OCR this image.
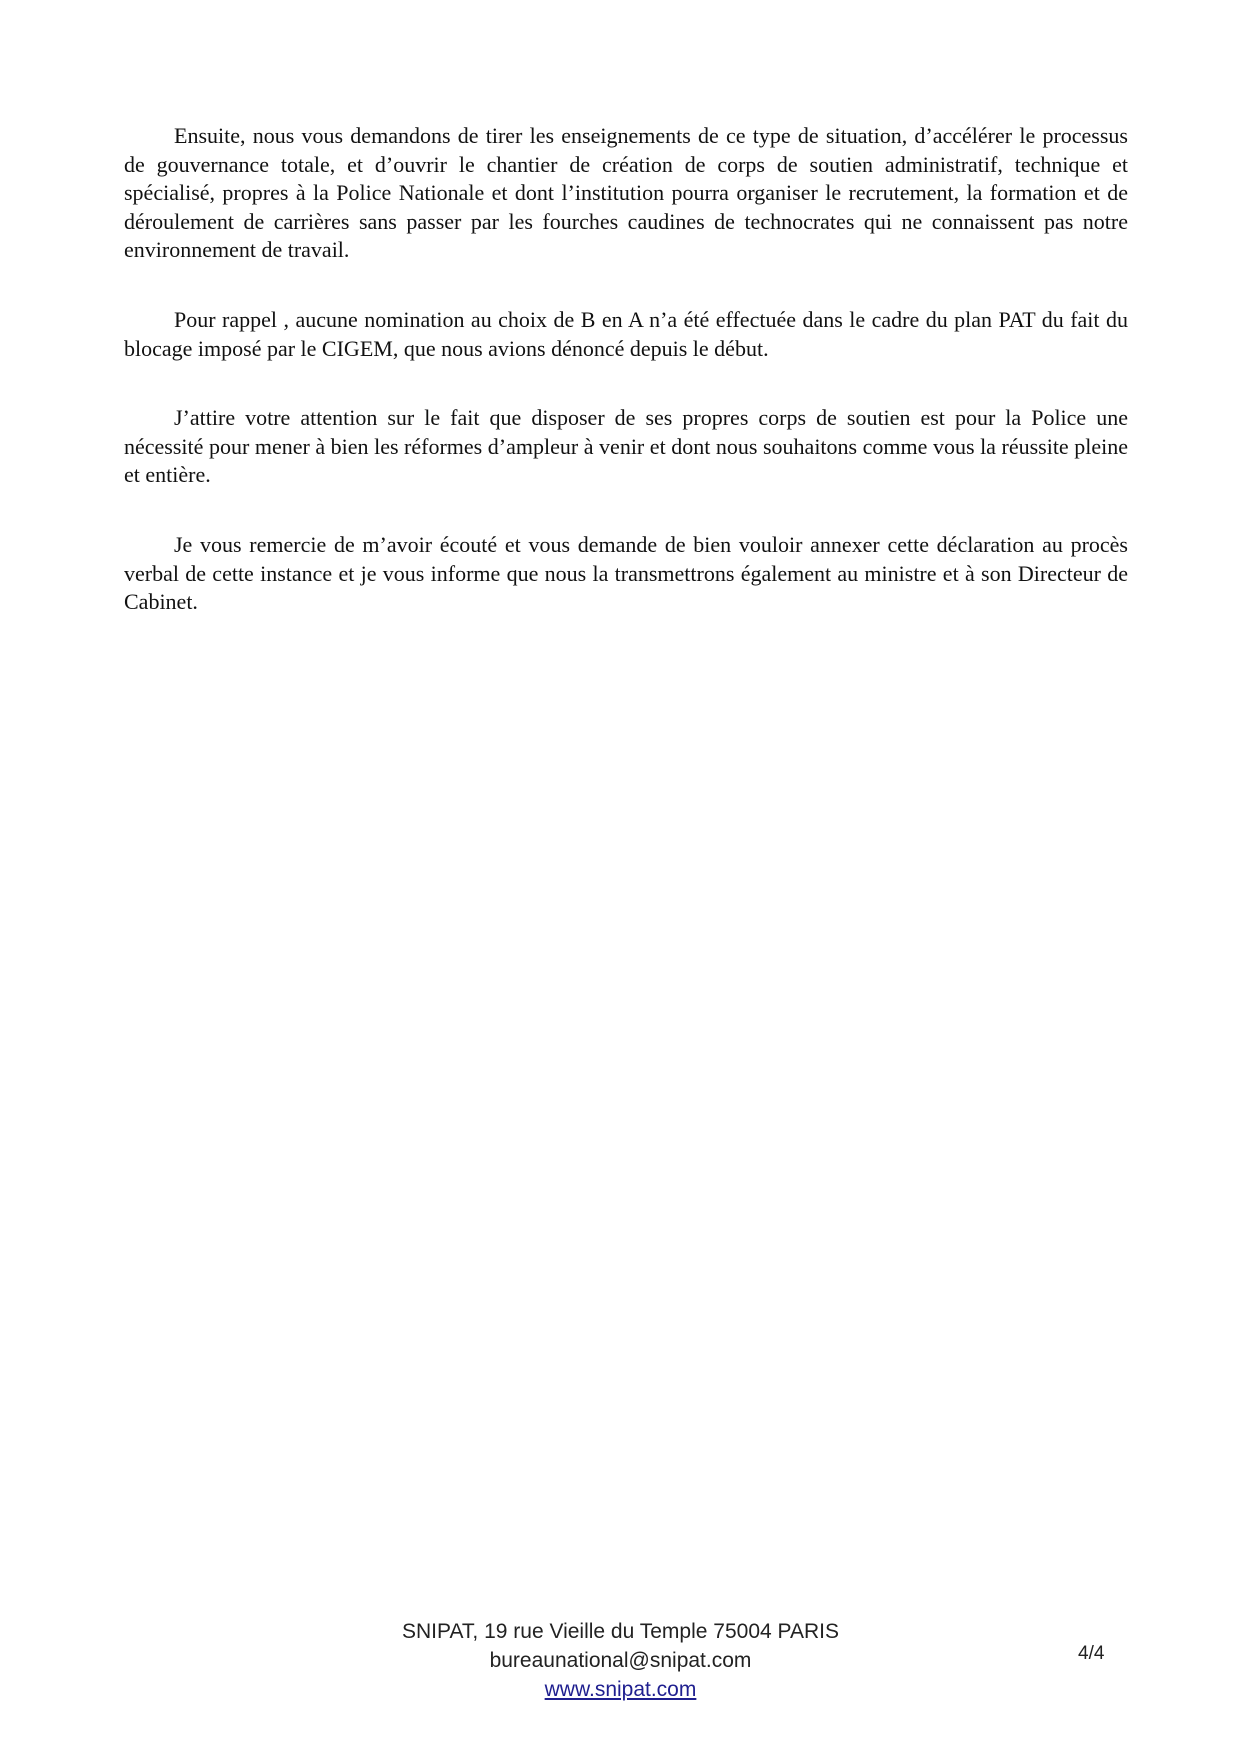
Ensuite, nous vous demandons de tirer les enseignements de ce type de situation, d’accélérer le processus de gouvernance totale, et d’ouvrir le chantier de création de corps de soutien administratif, technique et spécialisé, propres à la Police Nationale et dont l’institution pourra organiser le recrutement, la formation et de déroulement de carrières sans passer par les fourches caudines de technocrates qui ne connaissent pas notre environnement de travail.

Pour rappel , aucune nomination au choix de B en A n’a été effectuée dans le cadre du plan PAT du fait du blocage imposé par le CIGEM, que nous avions dénoncé depuis le début.

J’attire votre attention sur le fait que disposer de ses propres corps de soutien est pour la Police une nécessité pour mener à bien les réformes d’ampleur à venir et dont nous souhaitons comme vous la réussite pleine et entière.

Je vous remercie de m’avoir écouté et vous demande de bien vouloir annexer cette déclaration au procès verbal de cette instance et je vous informe que nous la transmettrons également au ministre et à son Directeur de Cabinet.

SNIPAT, 19 rue Vieille du Temple 75004 PARIS
bureaunational@snipat.com
www.snipat.com
4/4
